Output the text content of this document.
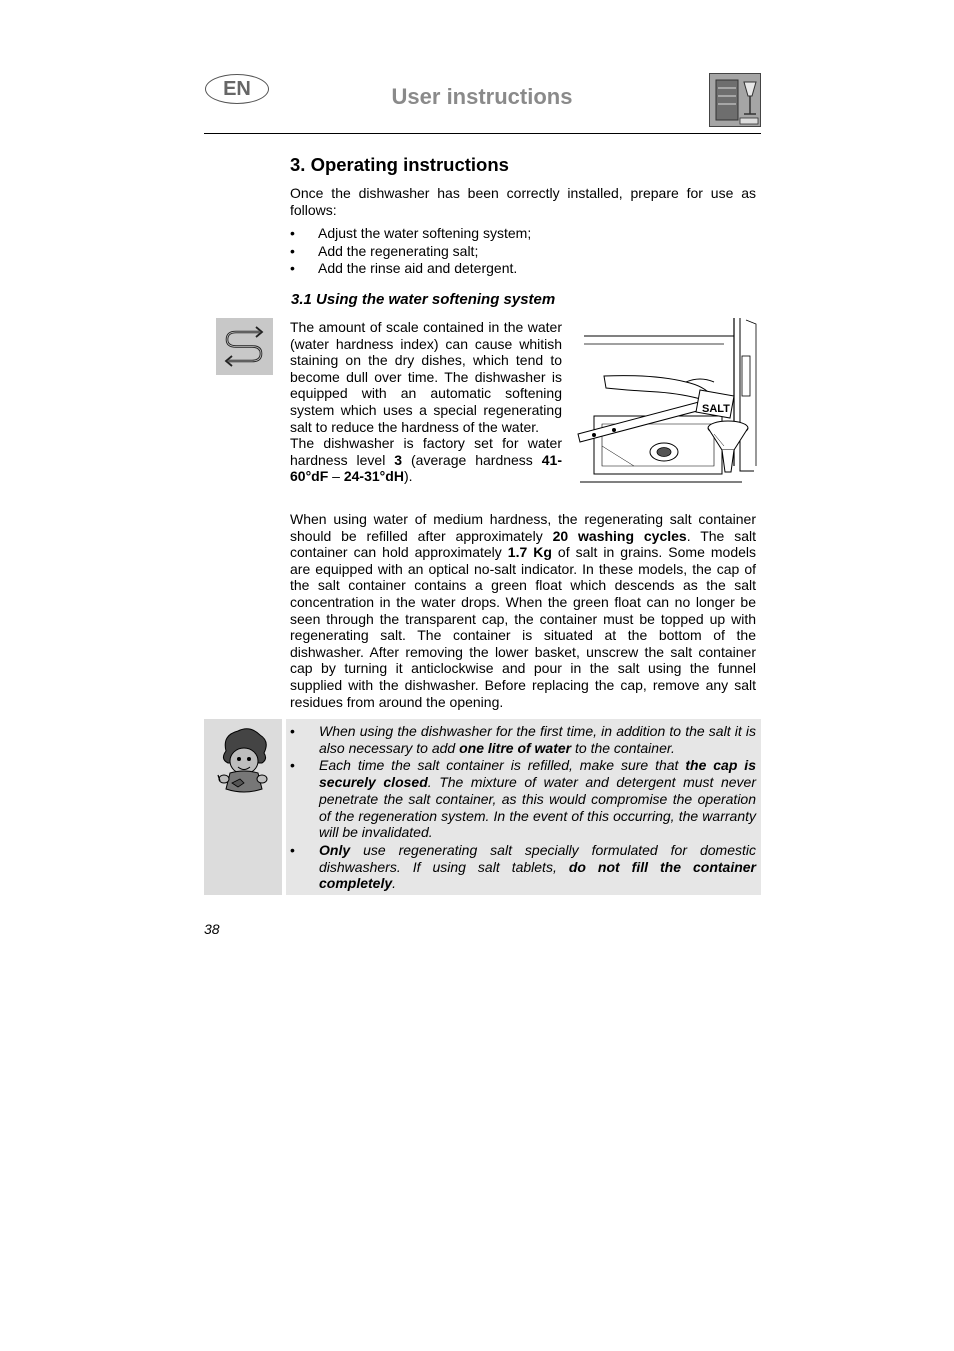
EN	User instructions
3. Operating instructions
Once the dishwasher has been correctly installed, prepare for use as follows:
• Adjust the water softening system;
• Add the regenerating salt;
• Add the rinse aid and detergent.
3.1 Using the water softening system
The amount of scale contained in the water (water hardness index) can cause whitish staining on the dry dishes, which tend to become dull over time. The dishwasher is equipped with an automatic softening system which uses a special regenerating salt to reduce the hardness of the water.
The dishwasher is factory set for water hardness level 3 (average hardness 41-60°dF – 24-31°dH).
SALT
When using water of medium hardness, the regenerating salt container should be refilled after approximately 20 washing cycles. The salt container can hold approximately 1.7 Kg of salt in grains. Some models are equipped with an optical no-salt indicator. In these models, the cap of the salt container contains a green float which descends as the salt concentration in the water drops. When the green float can no longer be seen through the transparent cap, the container must be topped up with regenerating salt. The container is situated at the bottom of the dishwasher. After removing the lower basket, unscrew the salt container cap by turning it anticlockwise and pour in the salt using the funnel supplied with the dishwasher. Before replacing the cap, remove any salt residues from around the opening.
• When using the dishwasher for the first time, in addition to the salt it is also necessary to add one litre of water to the container.
• Each time the salt container is refilled, make sure that the cap is securely closed. The mixture of water and detergent must never penetrate the salt container, as this would compromise the operation of the regeneration system. In the event of this occurring, the warranty will be invalidated.
• Only use regenerating salt specially formulated for domestic dishwashers. If using salt tablets, do not fill the container completely.
38
